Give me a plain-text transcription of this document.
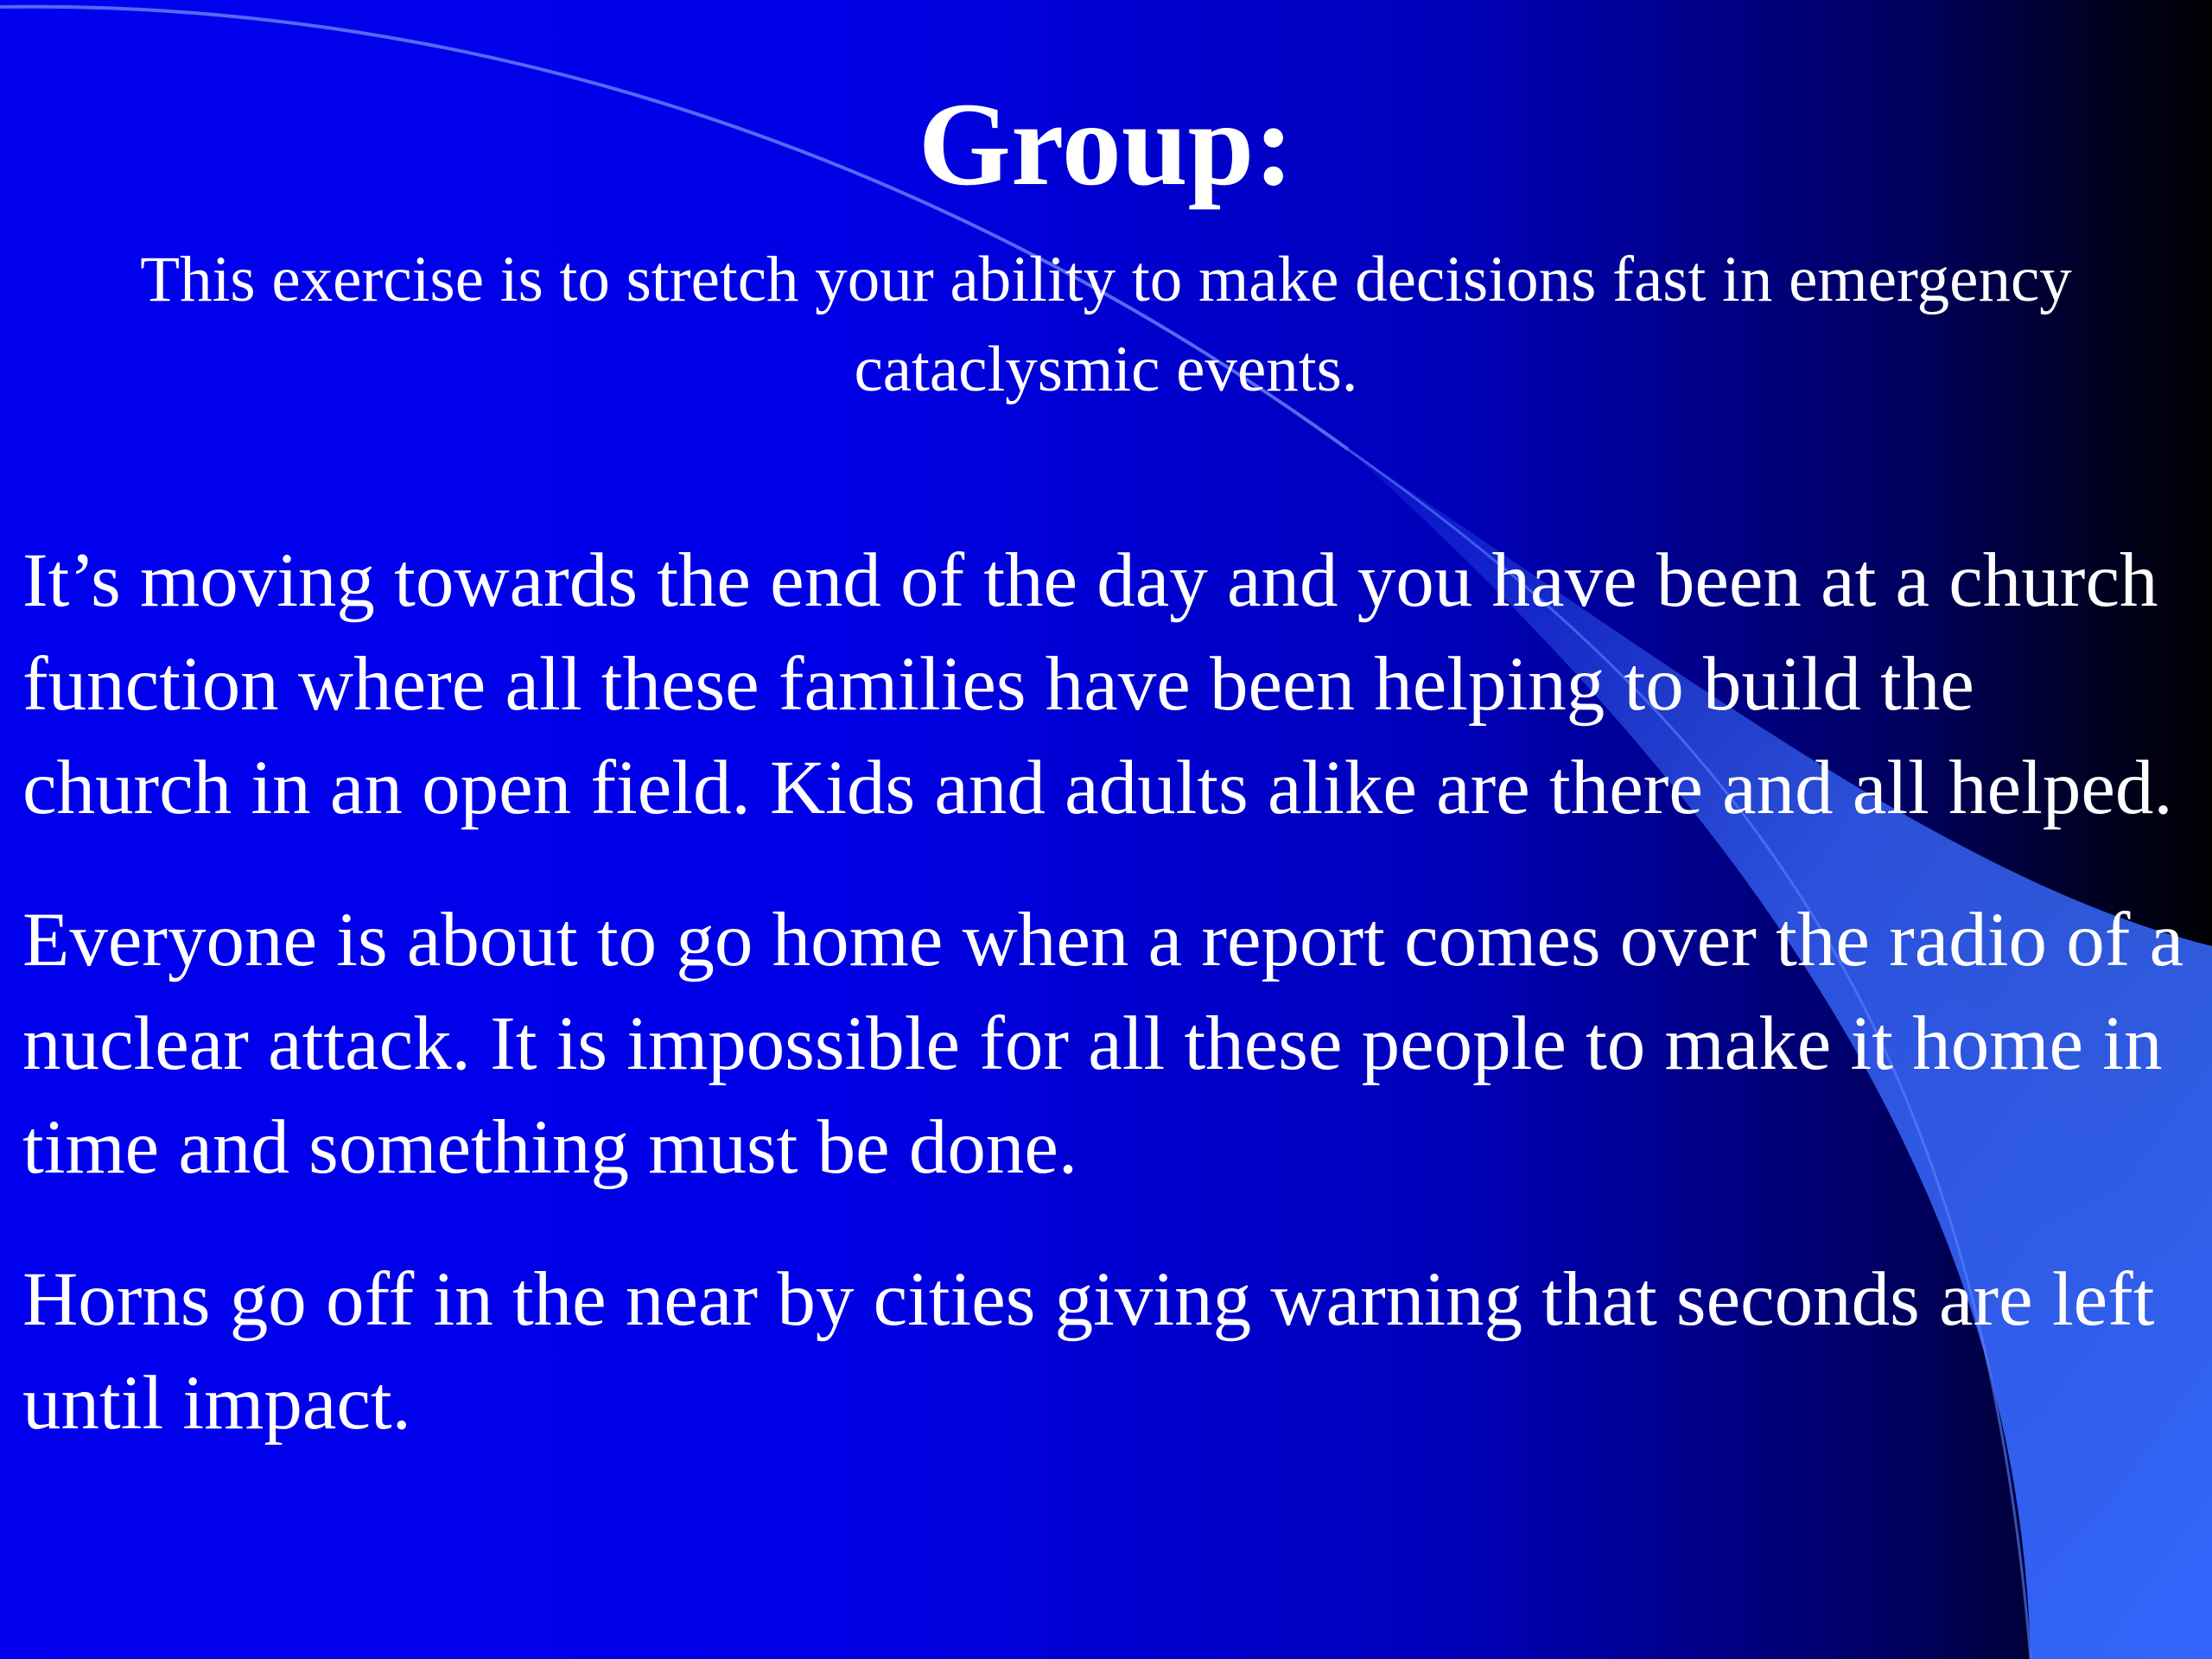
Group:

This exercise is to stretch your ability to make decisions fast in emergency cataclysmic events.

It’s moving towards the end of the day and you have been at a church function where all these families have been helping to build the church in an open field. Kids and adults alike are there and all helped.

Everyone is about to go home when a report comes over the radio of a nuclear attack. It is impossible for all these people to make it home in time and something must be done.

Horns go off in the near by cities giving warning that seconds are left until impact.
